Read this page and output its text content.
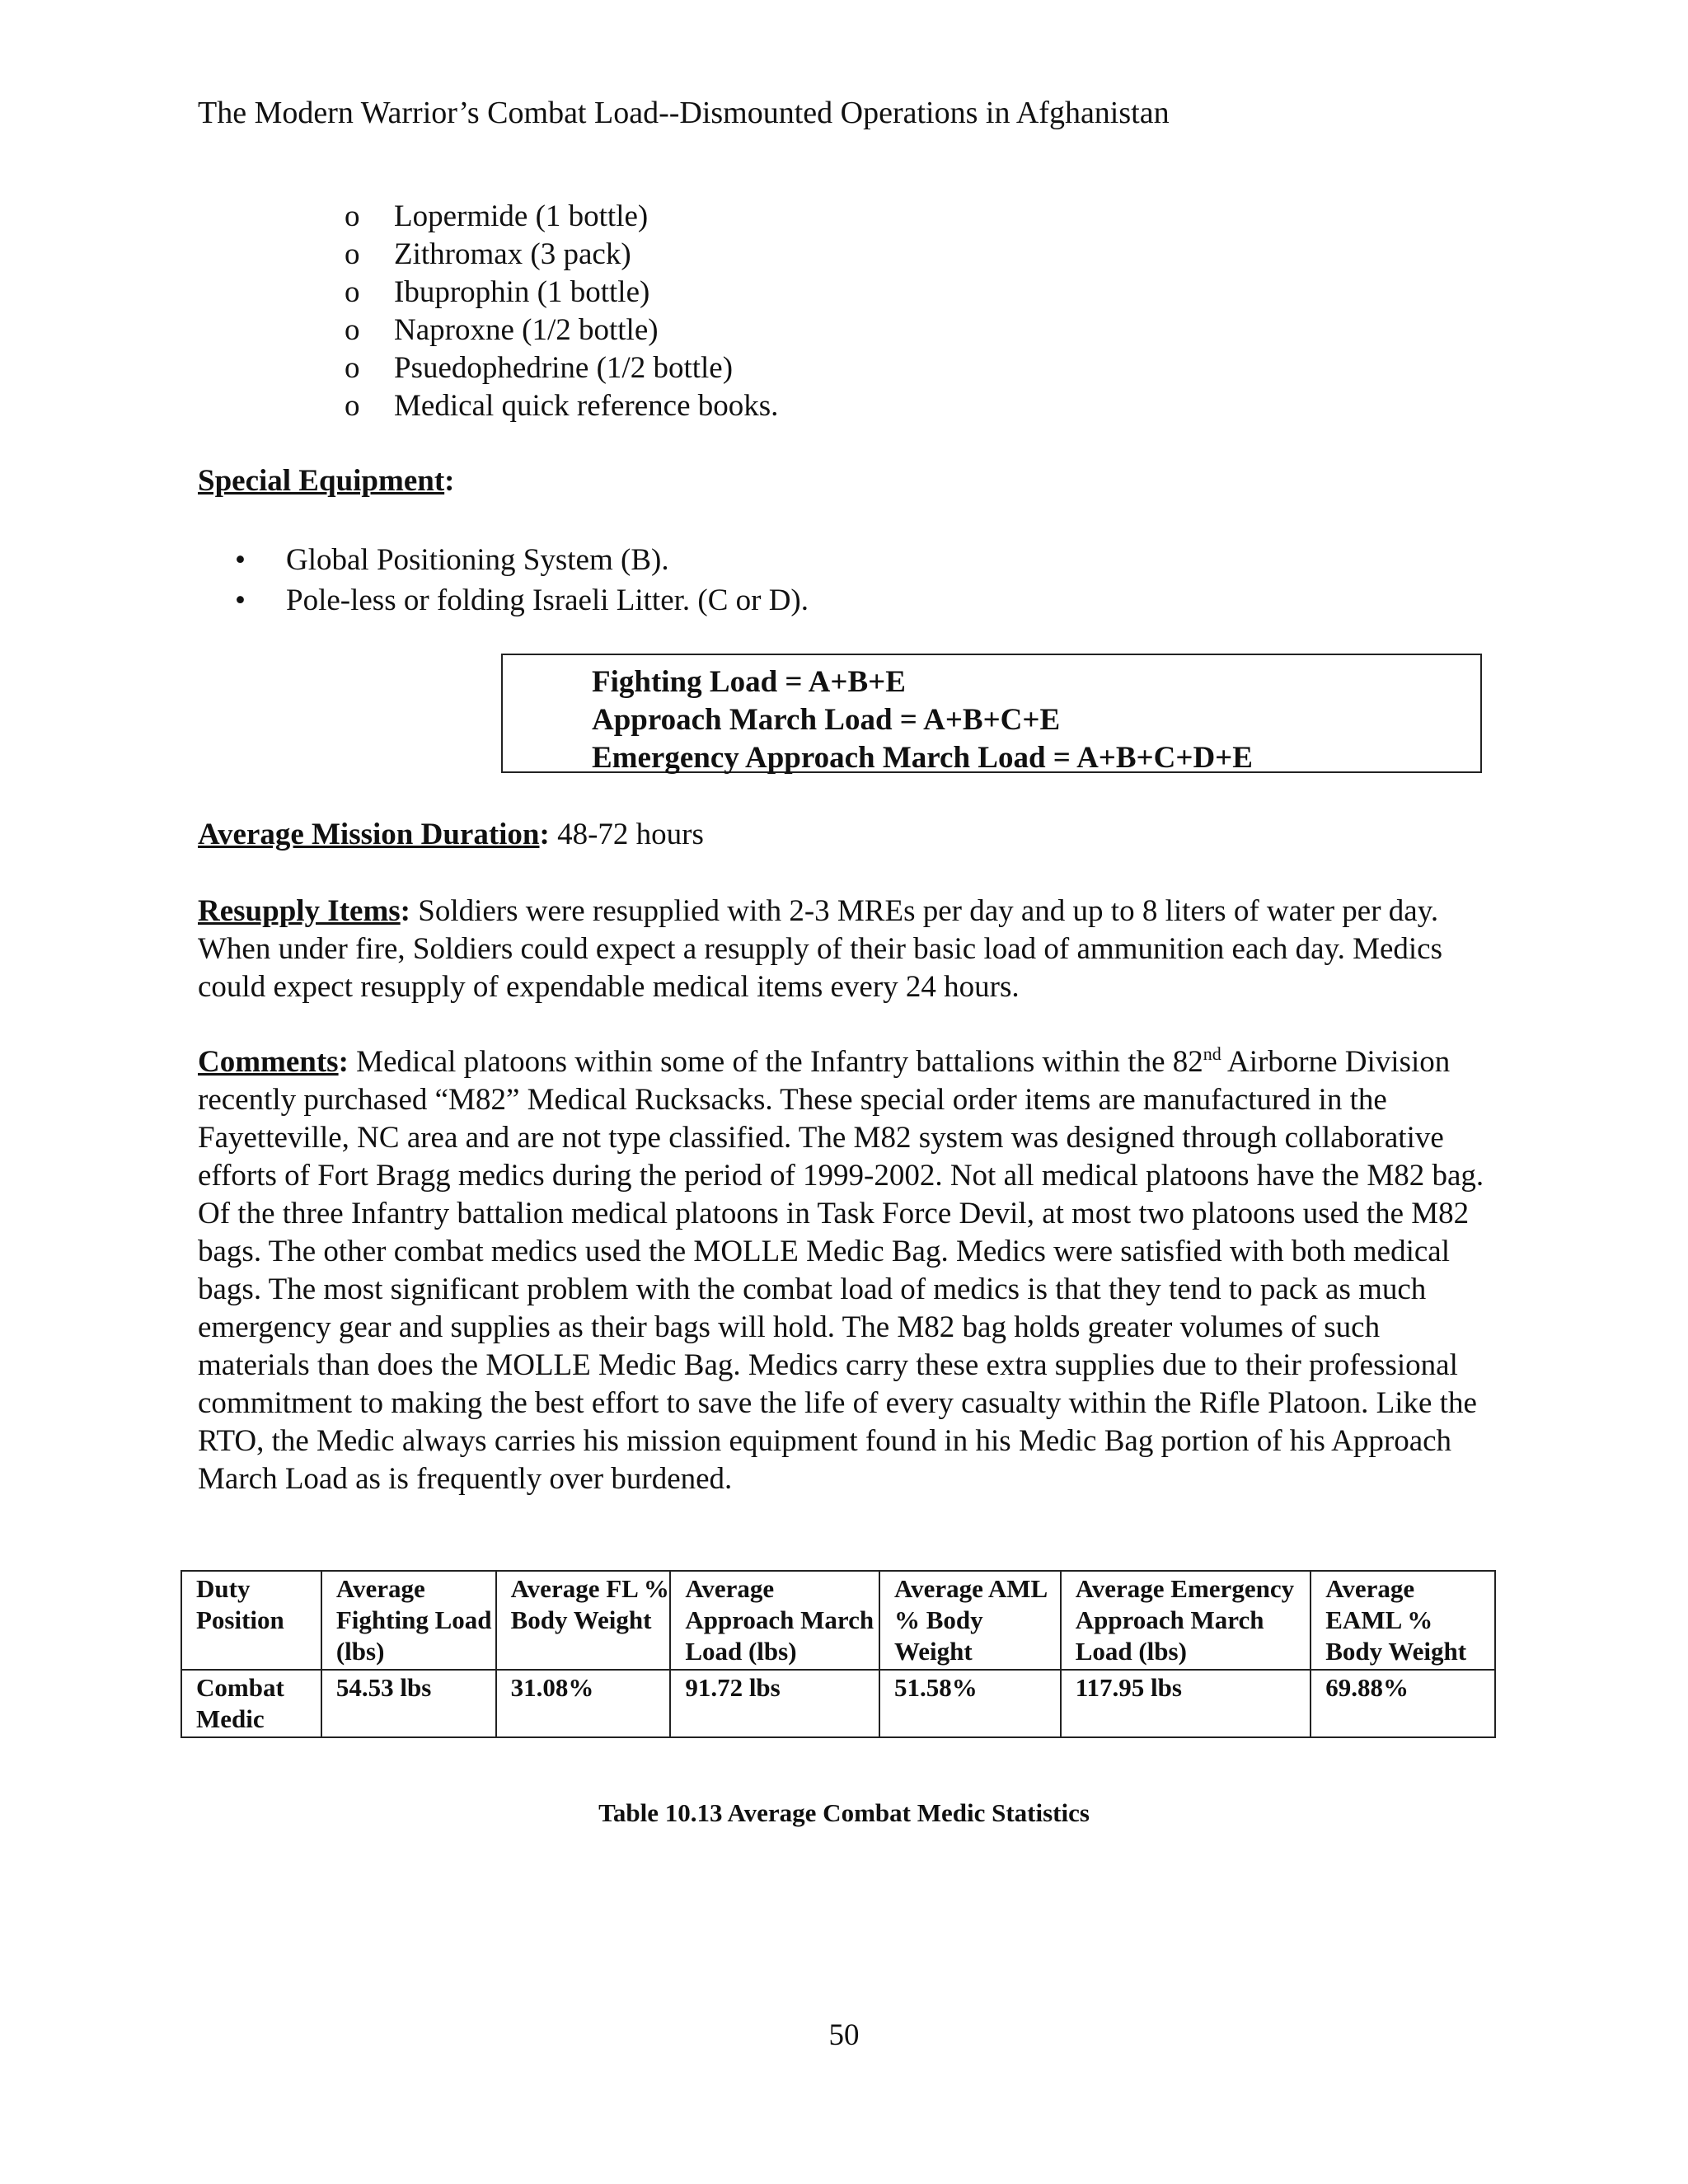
The Modern Warrior’s Combat Load--Dismounted Operations in Afghanistan
o Lopermide (1 bottle)
o Zithromax (3 pack)
o Ibuprophin (1 bottle)
o Naproxne (1/2 bottle)
o Psuedophedrine (1/2 bottle)
o Medical quick reference books.
Special Equipment:
• Global Positioning System (B).
• Pole-less or folding Israeli Litter. (C or D).
Fighting Load = A+B+E
Approach March Load = A+B+C+E
Emergency Approach March Load = A+B+C+D+E
Average Mission Duration: 48-72 hours
Resupply Items: Soldiers were resupplied with 2-3 MREs per day and up to 8 liters of water per day. When under fire, Soldiers could expect a resupply of their basic load of ammunition each day. Medics could expect resupply of expendable medical items every 24 hours.
Comments: Medical platoons within some of the Infantry battalions within the 82nd Airborne Division recently purchased “M82” Medical Rucksacks. These special order items are manufactured in the Fayetteville, NC area and are not type classified. The M82 system was designed through collaborative efforts of Fort Bragg medics during the period of 1999-2002. Not all medical platoons have the M82 bag. Of the three Infantry battalion medical platoons in Task Force Devil, at most two platoons used the M82 bags. The other combat medics used the MOLLE Medic Bag. Medics were satisfied with both medical bags. The most significant problem with the combat load of medics is that they tend to pack as much emergency gear and supplies as their bags will hold. The M82 bag holds greater volumes of such materials than does the MOLLE Medic Bag. Medics carry these extra supplies due to their professional commitment to making the best effort to save the life of every casualty within the Rifle Platoon. Like the RTO, the Medic always carries his mission equipment found in his Medic Bag portion of his Approach March Load as is frequently over burdened.
Duty Position	Average Fighting Load (lbs)	Average FL % Body Weight	Average Approach March Load (lbs)	Average AML % Body Weight	Average Emergency Approach March Load (lbs)	Average EAML % Body Weight
Combat Medic	54.53 lbs	31.08%	91.72 lbs	51.58%	117.95 lbs	69.88%
Table 10.13 Average Combat Medic Statistics
50
